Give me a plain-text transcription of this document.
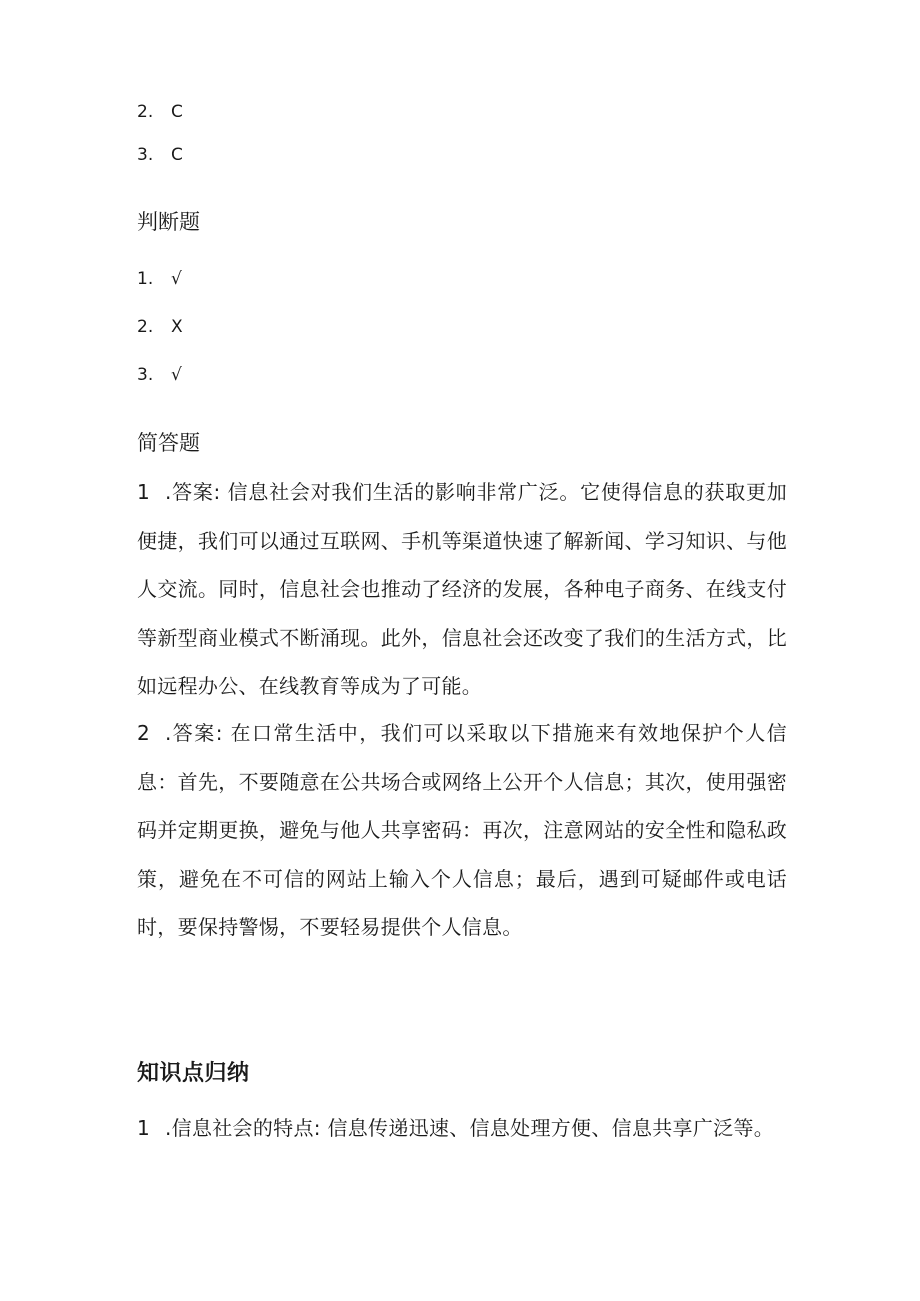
2. C
3. C
判断题
1. √
2. X
3. √
简答题
1 .答案: 信息社会对我们生活的影响非常广泛。它使得信息的获取更加便捷，我们可以通过互联网、手机等渠道快速了解新闻、学习知识、与他人交流。同时，信息社会也推动了经济的发展，各种电子商务、在线支付等新型商业模式不断涌现。此外，信息社会还改变了我们的生活方式，比如远程办公、在线教育等成为了可能。
2 .答案: 在口常生活中，我们可以采取以下措施来有效地保护个人信息：首先，不要随意在公共场合或网络上公开个人信息；其次，使用强密码并定期更换，避免与他人共享密码：再次，注意网站的安全性和隐私政策，避免在不可信的网站上输入个人信息；最后，遇到可疑邮件或电话时，要保持警惕，不要轻易提供个人信息。
知识点归纳
1 .信息社会的特点: 信息传递迅速、信息处理方便、信息共享广泛等。
